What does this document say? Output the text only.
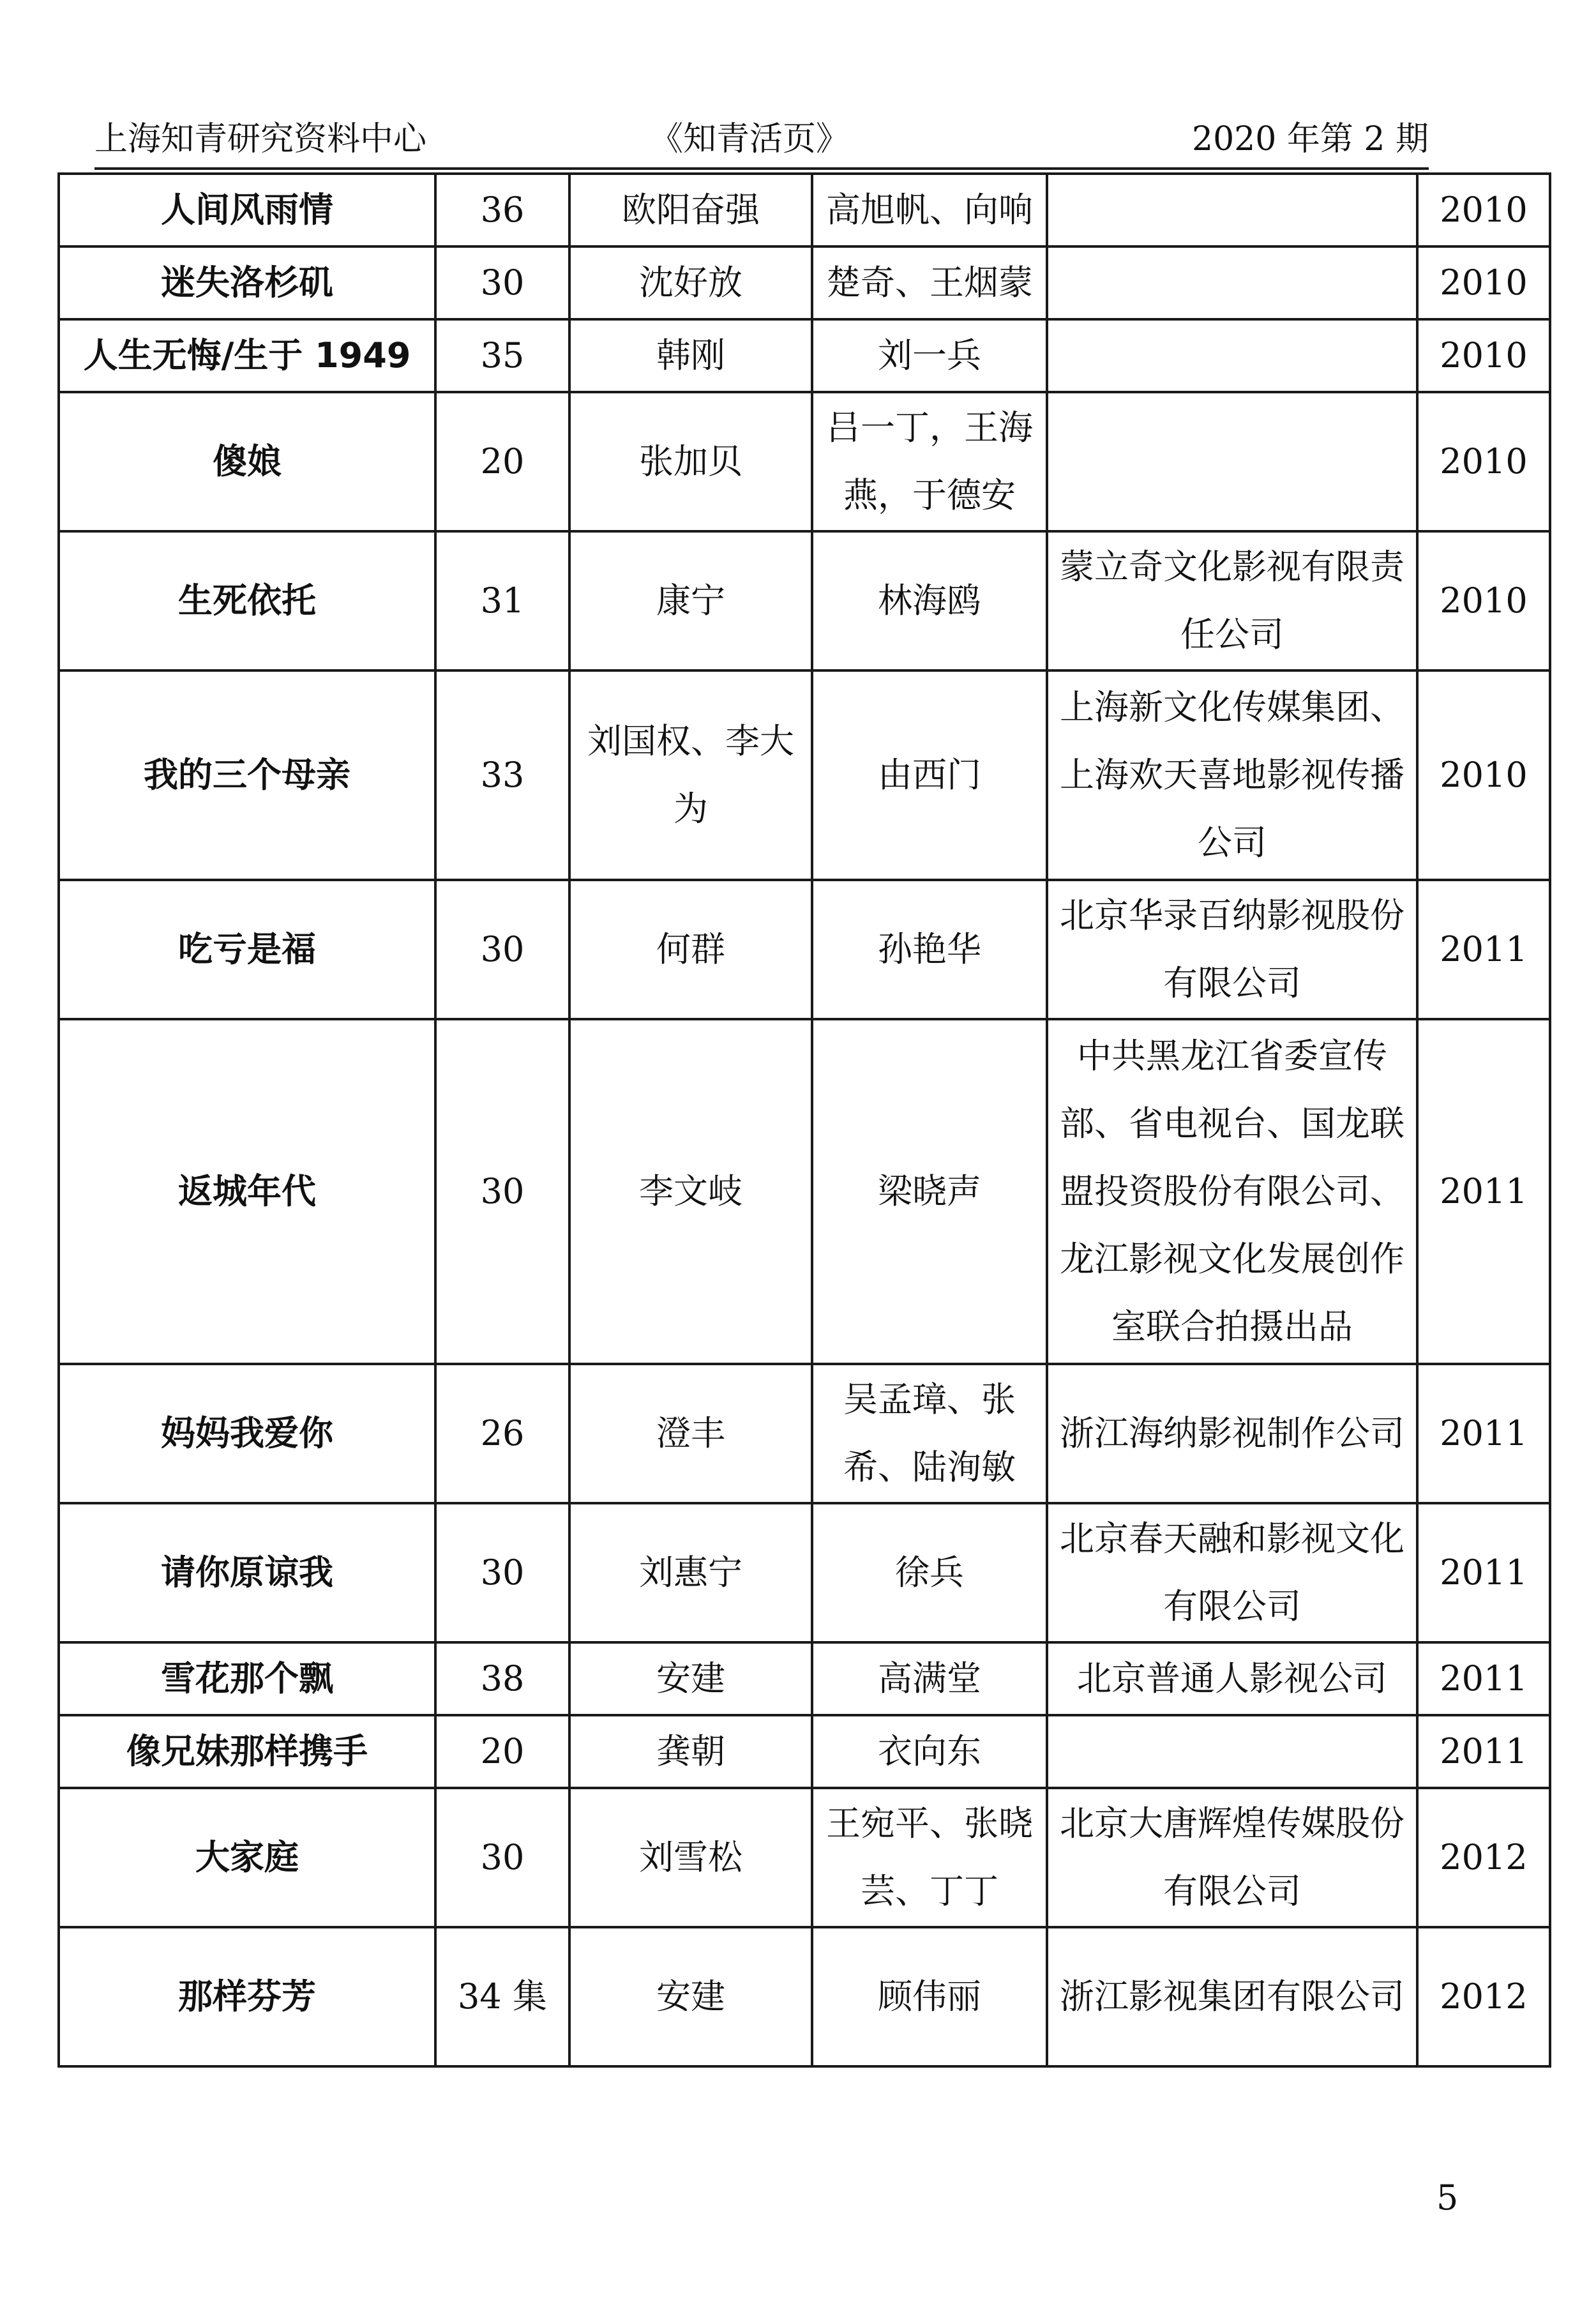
上海知青研究资料中心	《知青活页》	2020 年第 2 期
人间风雨情	36	欧阳奋强	高旭帆、向响		2010
迷失洛杉矶	30	沈好放	楚奇、王烟蒙		2010
人生无悔/生于 1949	35	韩刚	刘一兵		2010
傻娘	20	张加贝	吕一丁，王海燕，于德安		2010
生死依托	31	康宁	林海鸥	蒙立奇文化影视有限责任公司	2010
我的三个母亲	33	刘国权、李大为	由西门	上海新文化传媒集团、上海欢天喜地影视传播公司	2010
吃亏是福	30	何群	孙艳华	北京华录百纳影视股份有限公司	2011
返城年代	30	李文岐	梁晓声	中共黑龙江省委宣传部、省电视台、国龙联盟投资股份有限公司、龙江影视文化发展创作室联合拍摄出品	2011
妈妈我爱你	26	澄丰	吴孟璋、张希、陆洵敏	浙江海纳影视制作公司	2011
请你原谅我	30	刘惠宁	徐兵	北京春天融和影视文化有限公司	2011
雪花那个飘	38	安建	高满堂	北京普通人影视公司	2011
像兄妹那样携手	20	龚朝	衣向东		2011
大家庭	30	刘雪松	王宛平、张晓芸、丁丁	北京大唐辉煌传媒股份有限公司	2012
那样芬芳	34 集	安建	顾伟丽	浙江影视集团有限公司	2012
5
